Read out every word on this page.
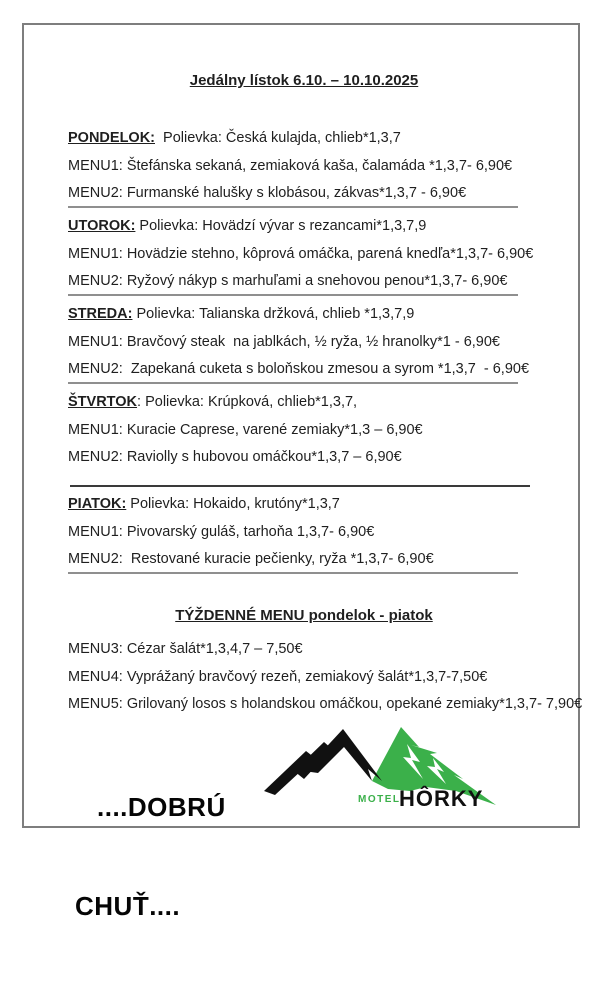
Jedálny lístok 6.10. – 10.10.2025

PONDELOK:  Polievka: Česká kulajda, chlieb*1,3,7

MENU1: Štefánska sekaná, zemiaková kaša, čalamáda *1,3,7- 6,90€

MENU2: Furmanské halušky s klobásou, zákvas*1,3,7 - 6,90€

UTOROK: Polievka: Hovädzí vývar s rezancami*1,3,7,9

MENU1: Hovädzie stehno, kôprová omáčka, parená knedľa*1,3,7- 6,90€

MENU2: Ryžový nákyp s marhuľami a snehovou penou*1,3,7- 6,90€

STREDA: Polievka: Talianska držková, chlieb *1,3,7,9

MENU1: Bravčový steak  na jablkách, ½ ryža, ½ hranolky*1 - 6,90€

MENU2:  Zapekaná cuketa s boloňskou zmesou a syrom *1,3,7  - 6,90€

ŠTVRTOK: Polievka: Krúpková, chlieb*1,3,7,

MENU1: Kuracie Caprese, varené zemiaky*1,3 – 6,90€

MENU2: Raviolly s hubovou omáčkou*1,3,7 – 6,90€

PIATOK: Polievka: Hokaido, krutóny*1,3,7

MENU1: Pivovarský guláš, tarhoňa 1,3,7- 6,90€

MENU2:  Restované kuracie pečienky, ryža *1,3,7- 6,90€

TÝŽDENNÉ MENU pondelok - piatok

MENU3: Cézar šalát*1,3,4,7 – 7,50€

MENU4: Vyprážaný bravčový rezeň, zemiakový šalát*1,3,7-7,50€

MENU5: Grilovaný losos s holandskou omáčkou, opekané zemiaky*1,3,7- 7,90€

....DOBRÚ

CHUŤ....

MOTEL
HÔRKY
